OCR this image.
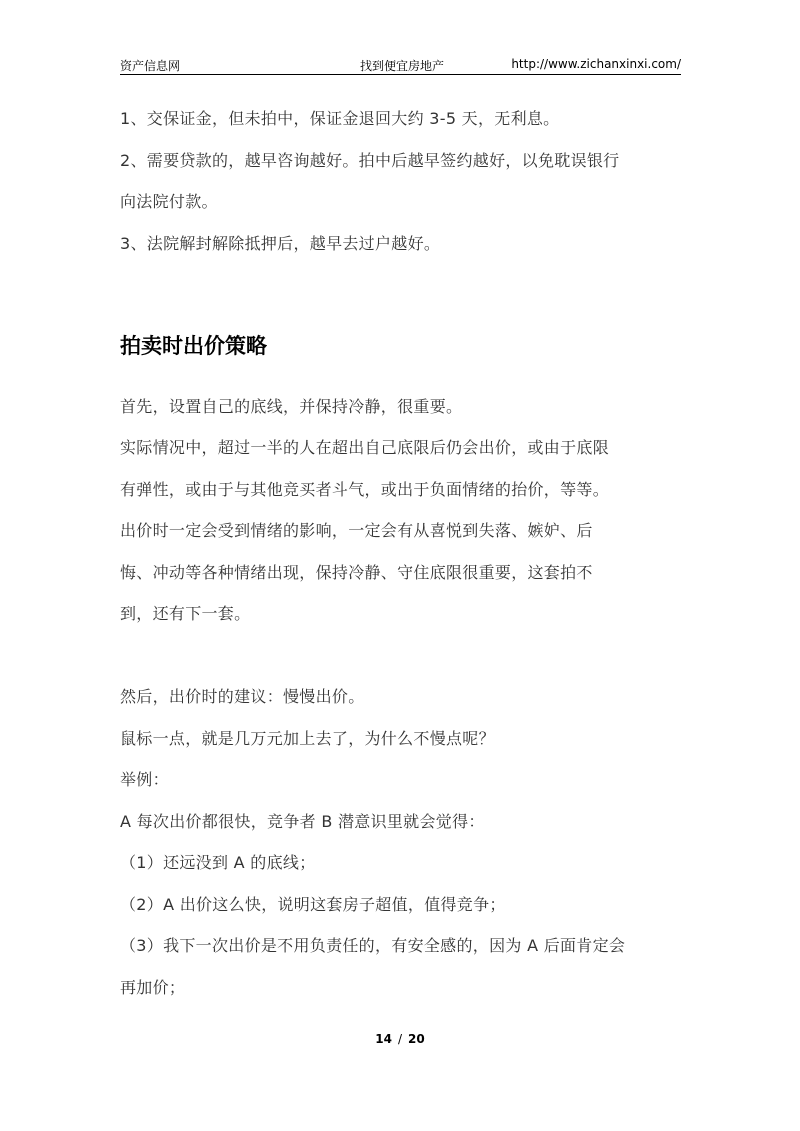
资产信息网	找到便宜房地产	http://www.zichanxinxi.com/
1、交保证金，但未拍中，保证金退回大约 3-5 天，无利息。
2、需要贷款的，越早咨询越好。拍中后越早签约越好，以免耽误银行
向法院付款。
3、法院解封解除抵押后，越早去过户越好。
拍卖时出价策略
首先，设置自己的底线，并保持冷静，很重要。
实际情况中，超过一半的人在超出自己底限后仍会出价，或由于底限
有弹性，或由于与其他竞买者斗气，或出于负面情绪的抬价，等等。
出价时一定会受到情绪的影响，一定会有从喜悦到失落、嫉妒、后
悔、冲动等各种情绪出现，保持冷静、守住底限很重要，这套拍不
到，还有下一套。
然后，出价时的建议：慢慢出价。
鼠标一点，就是几万元加上去了，为什么不慢点呢？
举例：
A 每次出价都很快，竞争者 B 潜意识里就会觉得：
（1）还远没到 A 的底线；
（2）A 出价这么快，说明这套房子超值，值得竞争；
（3）我下一次出价是不用负责任的，有安全感的，因为 A 后面肯定会
再加价；
14 / 20
